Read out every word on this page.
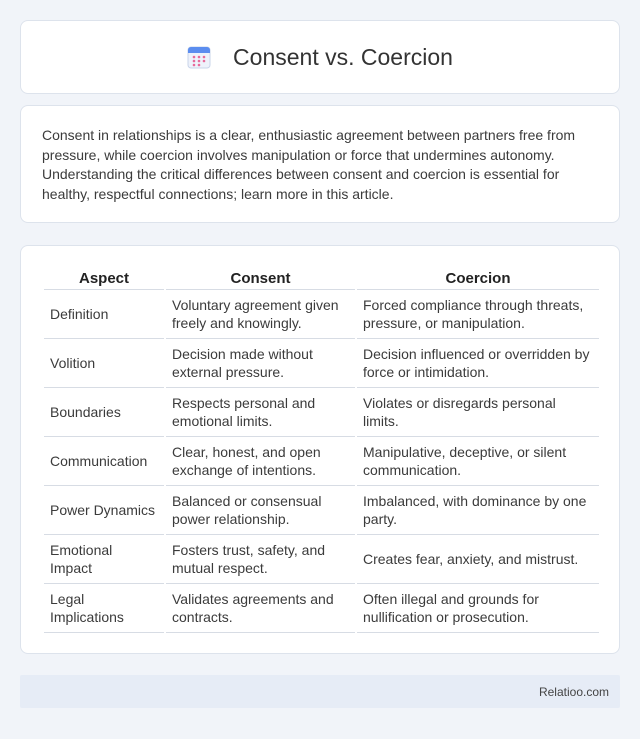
Consent vs. Coercion

Consent in relationships is a clear, enthusiastic agreement between partners free from pressure, while coercion involves manipulation or force that undermines autonomy. Understanding the critical differences between consent and coercion is essential for healthy, respectful connections; learn more in this article.

Aspect	Consent	Coercion
Definition	Voluntary agreement given freely and knowingly.	Forced compliance through threats, pressure, or manipulation.
Volition	Decision made without external pressure.	Decision influenced or overridden by force or intimidation.
Boundaries	Respects personal and emotional limits.	Violates or disregards personal limits.
Communication	Clear, honest, and open exchange of intentions.	Manipulative, deceptive, or silent communication.
Power Dynamics	Balanced or consensual power relationship.	Imbalanced, with dominance by one party.
Emotional Impact	Fosters trust, safety, and mutual respect.	Creates fear, anxiety, and mistrust.
Legal Implications	Validates agreements and contracts.	Often illegal and grounds for nullification or prosecution.
Relatioo.com
